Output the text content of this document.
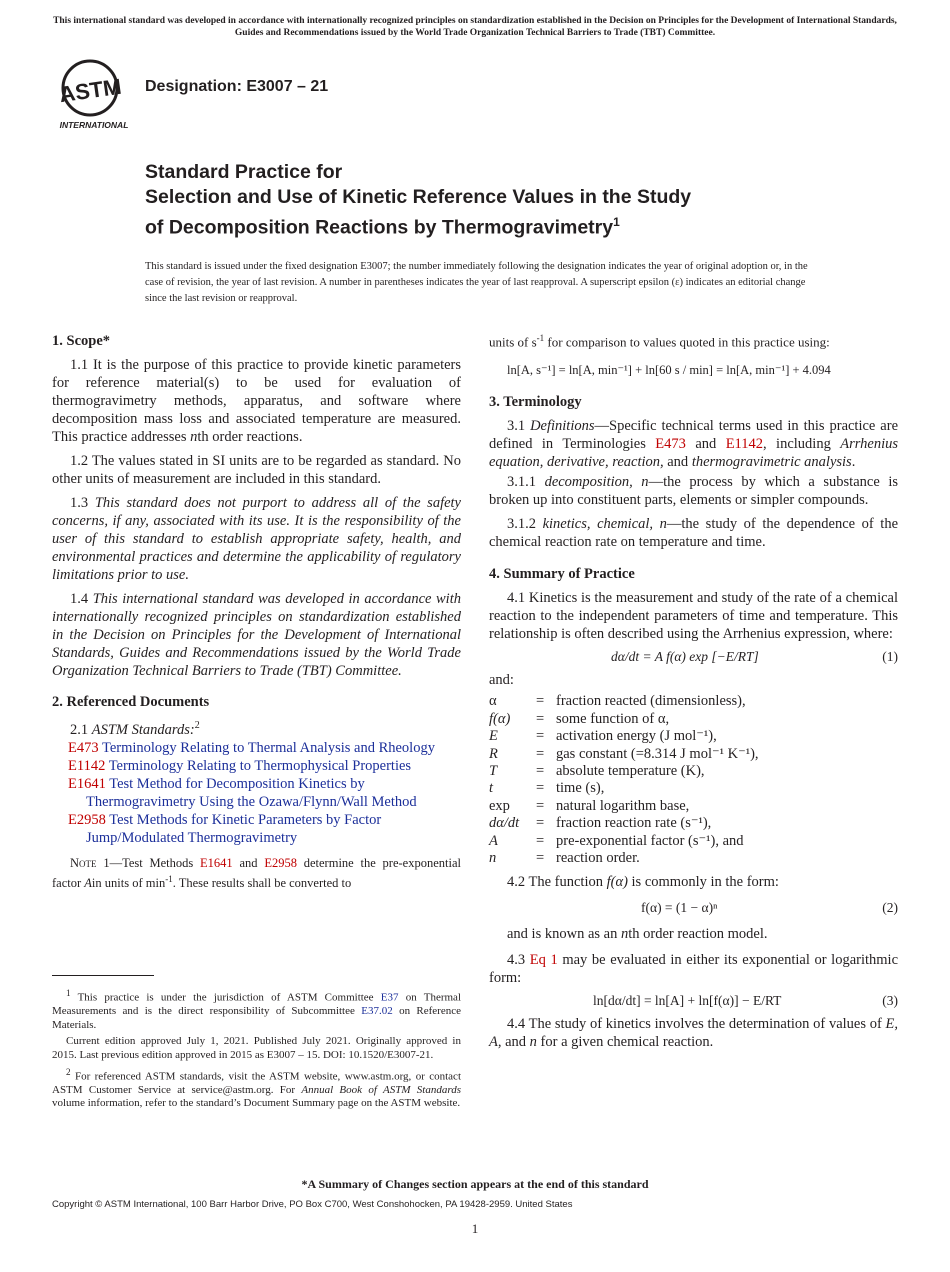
This international standard was developed in accordance with internationally recognized principles on standardization established in the Decision on Principles for the Development of International Standards, Guides and Recommendations issued by the World Trade Organization Technical Barriers to Trade (TBT) Committee.
ASTM
INTERNATIONAL
Designation: E3007 – 21
Standard Practice for
Selection and Use of Kinetic Reference Values in the Study
of Decomposition Reactions by Thermogravimetry$^1$
This standard is issued under the fixed designation E3007; the number immediately following the designation indicates the year of original adoption or, in the case of revision, the year of last revision. A number in parentheses indicates the year of last reapproval. A superscript epsilon (ε) indicates an editorial change since the last revision or reapproval.

1. Scope*

1.1 It is the purpose of this practice to provide kinetic parameters for reference material(s) to be used for evaluation of thermogravimetry methods, apparatus, and software where decomposition mass loss and associated temperature are measured. This practice addresses nth order reactions.

1.2 The values stated in SI units are to be regarded as standard. No other units of measurement are included in this standard.

1.3 This standard does not purport to address all of the safety concerns, if any, associated with its use. It is the responsibility of the user of this standard to establish appropriate safety, health, and environmental practices and determine the applicability of regulatory limitations prior to use.

1.4 This international standard was developed in accordance with internationally recognized principles on standardization established in the Decision on Principles for the Development of International Standards, Guides and Recommendations issued by the World Trade Organization Technical Barriers to Trade (TBT) Committee.

2. Referenced Documents

2.1 ASTM Standards:$^2$

E473 Terminology Relating to Thermal Analysis and Rheology

E1142 Terminology Relating to Thermophysical Properties

E1641 Test Method for Decomposition Kinetics by Thermogravimetry Using the Ozawa/Flynn/Wall Method

E2958 Test Methods for Kinetic Parameters by Factor Jump/Modulated Thermogravimetry

Note 1—Test Methods E1641 and E2958 determine the pre-exponential factor Ain units of $\min^{-1}$. These results shall be converted to

$^1$ This practice is under the jurisdiction of ASTM Committee E37 on Thermal Measurements and is the direct responsibility of Subcommittee E37.02 on Reference Materials.

Current edition approved July 1, 2021. Published July 2021. Originally approved in 2015. Last previous edition approved in 2015 as E3007 – 15. DOI: 10.1520/E3007-21.

$^2$ For referenced ASTM standards, visit the ASTM website, www.astm.org, or contact ASTM Customer Service at service@astm.org. For Annual Book of ASTM Standards volume information, refer to the standard’s Document Summary page on the ASTM website.

units of $s^{-1}$ for comparison to values quoted in this practice using:

ln[A, s⁻¹] = ln[A, min⁻¹] + ln[60 s / min] = ln[A, min⁻¹] + 4.094

3. Terminology

3.1 Definitions—Specific technical terms used in this practice are defined in Terminologies E473 and E1142, including Arrhenius equation, derivative, reaction, and thermogravimetric analysis.

3.1.1 decomposition, n—the process by which a substance is broken up into constituent parts, elements or simpler compounds.

3.1.2 kinetics, chemical, n—the study of the dependence of the chemical reaction rate on temperature and time.

4. Summary of Practice

4.1 Kinetics is the measurement and study of the rate of a chemical reaction to the independent parameters of time and temperature. This relationship is often described using the Arrhenius expression, where:

dα/dt = A f(α) exp [−E/RT]	(1)

and:

α	=	fraction reacted (dimensionless),
f(α)	=	some function of α,
E	=	activation energy (J mol⁻¹),
R	=	gas constant (=8.314 J mol⁻¹ K⁻¹),
T	=	absolute temperature (K),
t	=	time (s),
exp	=	natural logarithm base,
dα/dt	=	fraction reaction rate (s⁻¹),
A	=	pre-exponential factor (s⁻¹), and
n	=	reaction order.

4.2 The function f(α) is commonly in the form:

f(α) = (1 − α)ⁿ	(2)

and is known as an nth order reaction model.

4.3 Eq 1 may be evaluated in either its exponential or logarithmic form:

ln[dα/dt] = ln[A] + ln[f(α)] − E/RT	(3)

4.4 The study of kinetics involves the determination of values of E, A, and n for a given chemical reaction.

*A Summary of Changes section appears at the end of this standard
Copyright © ASTM International, 100 Barr Harbor Drive, PO Box C700, West Conshohocken, PA 19428-2959. United States
1
